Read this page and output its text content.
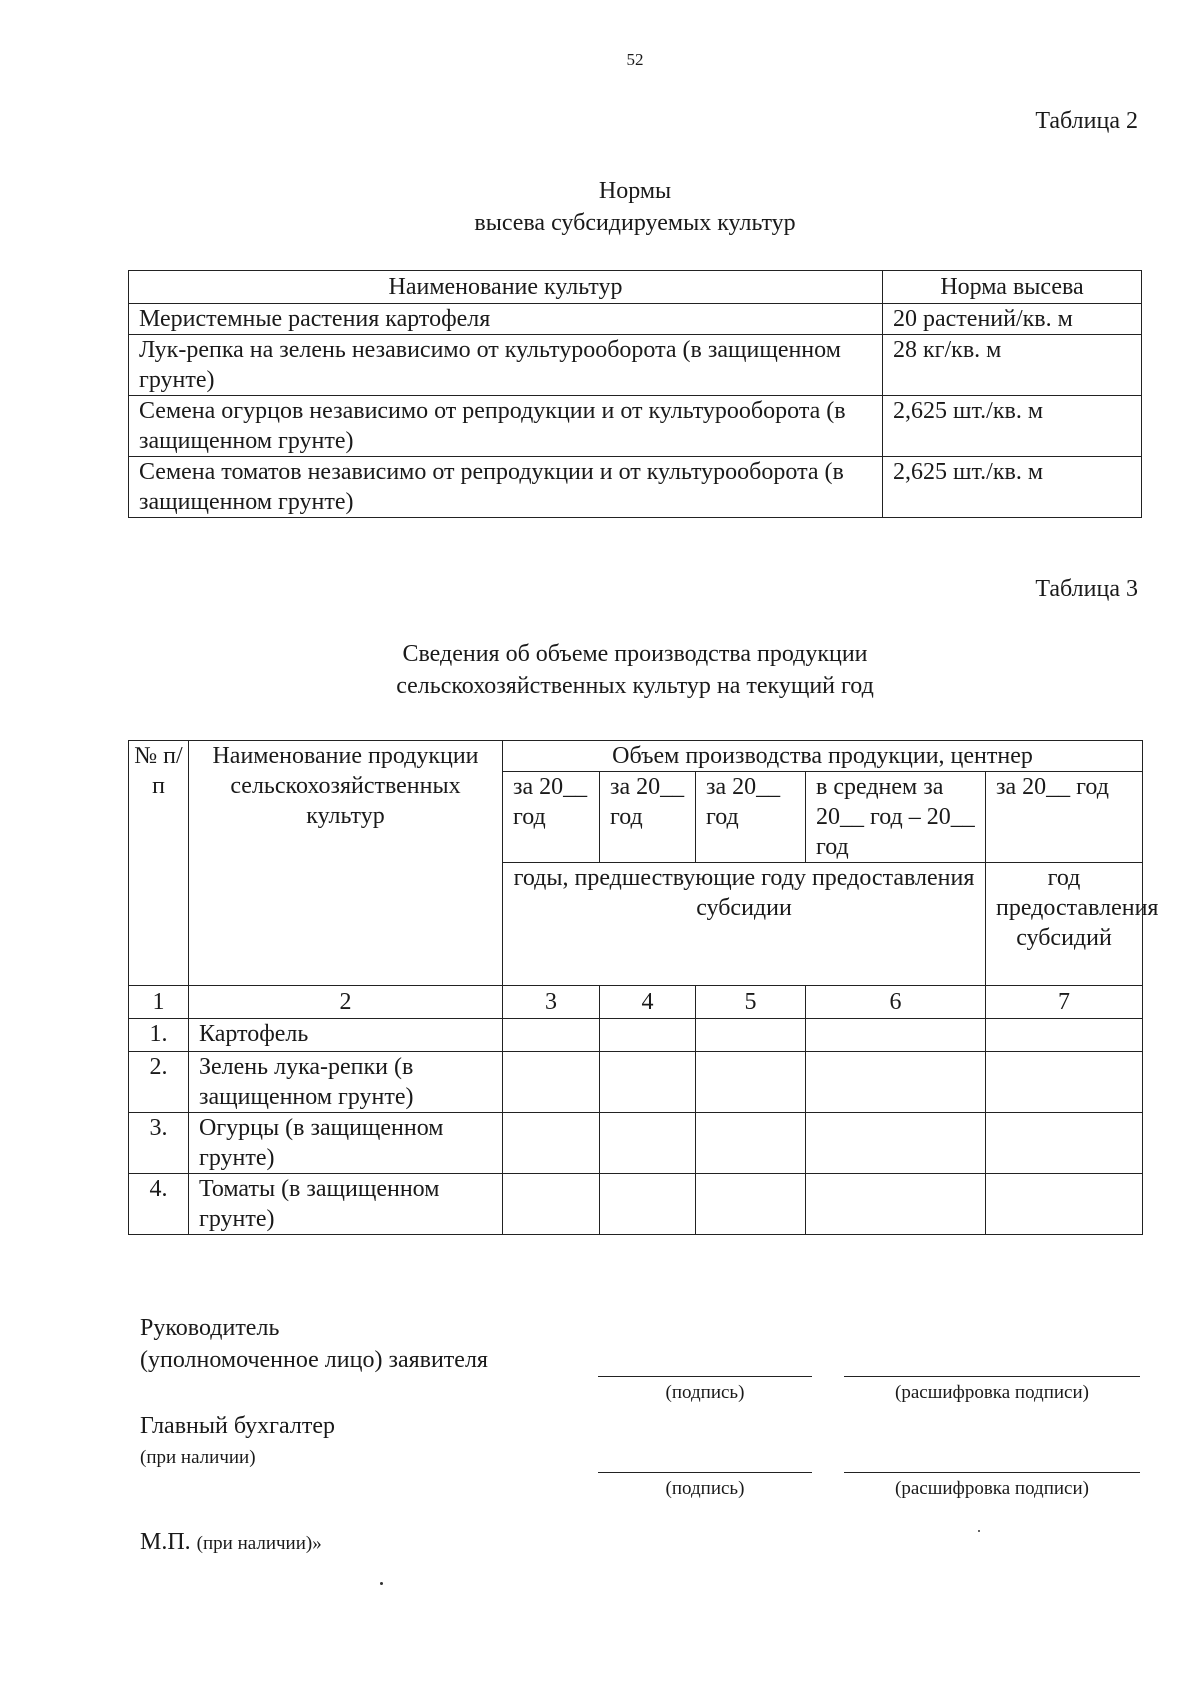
52
Таблица 2
Нормы
высева субсидируемых культур
Наименование культур	Норма высева
Меристемные растения картофеля	20 растений/кв. м
Лук-репка на зелень независимо от культурооборота (в защищенном грунте)	28 кг/кв. м
Семена огурцов независимо от репродукции и от культурооборота (в защищенном грунте)	2,625 шт./кв. м
Семена томатов независимо от репродукции и от культурооборота (в защищенном грунте)	2,625 шт./кв. м
Таблица 3
Сведения об объеме производства продукции
сельскохозяйственных культур на текущий год
№ п/п	Наименование продукции сельскохозяйственных культур	Объем производства продукции, центнер				
		за 20__ год	за 20__ год	за 20__ год	в среднем за 20__ год – 20__ год	за 20__ год
		годы, предшествующие году предоставления субсидии				год предоставления субсидий
1	2	3	4	5	6	7
1.	Картофель					
2.	Зелень лука-репки (в защищенном грунте)					
3.	Огурцы (в защищенном грунте)					
4.	Томаты (в защищенном грунте)					
Руководитель
(уполномоченное лицо) заявителя
(подпись)	(расшифровка подписи)
Главный бухгалтер
(при наличии)
(подпись)	(расшифровка подписи)
М.П. (при наличии)»
